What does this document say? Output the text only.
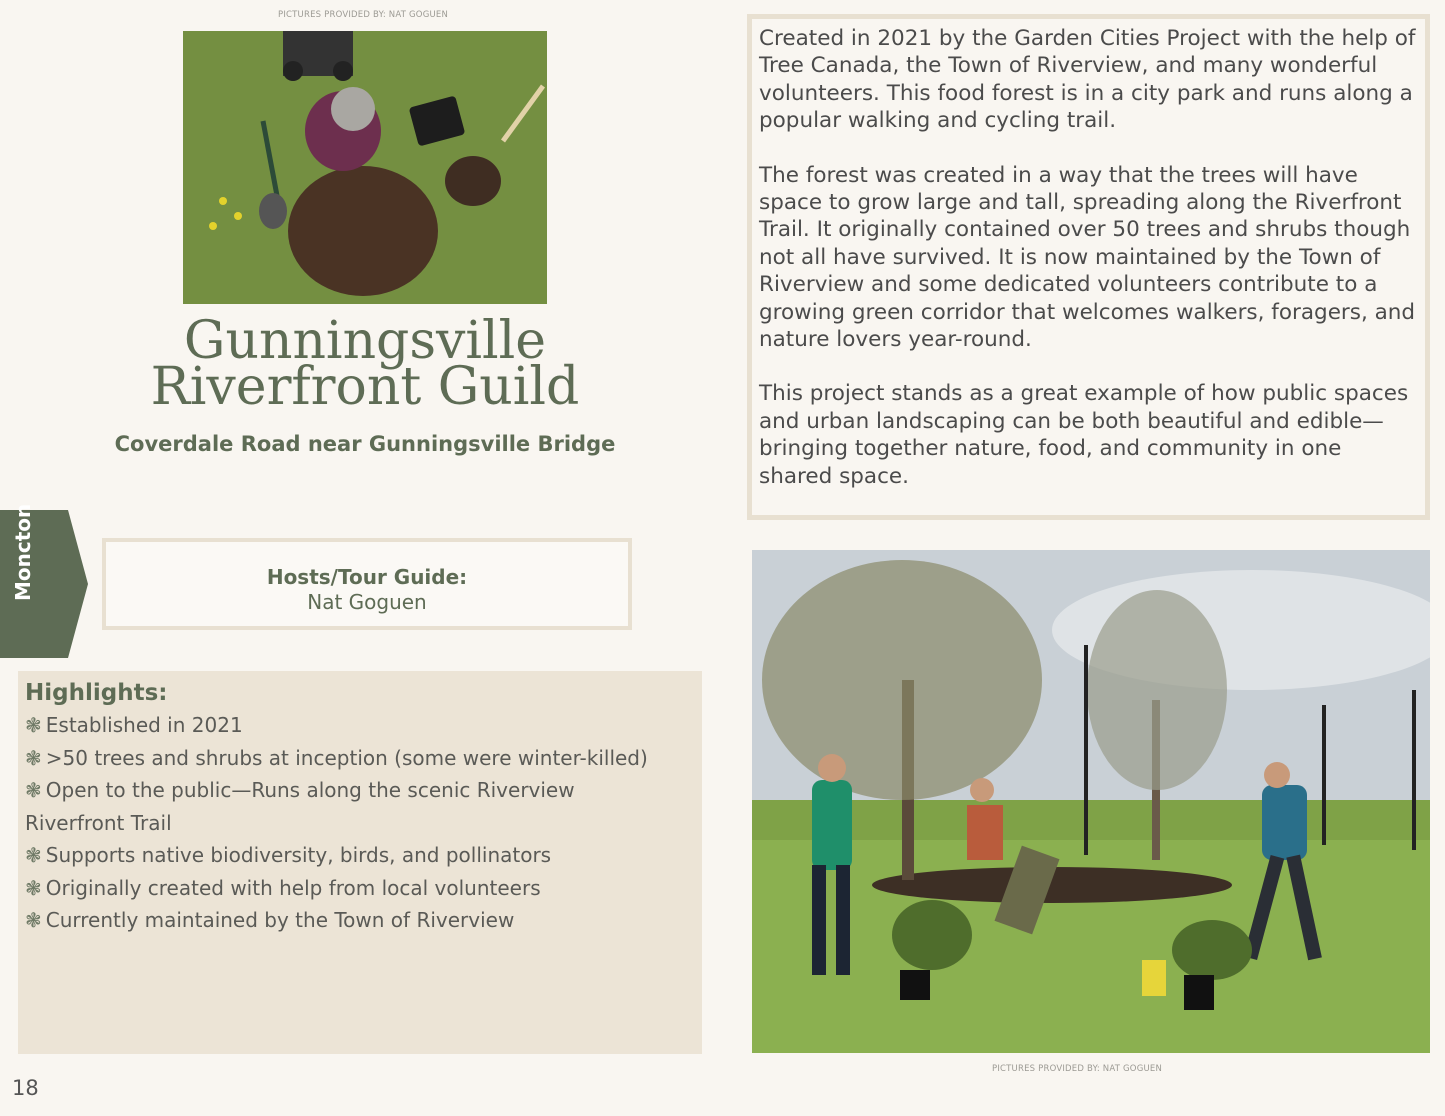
PICTURES PROVIDED BY: NAT GOGUEN
Gunningsville
Riverfront Guild
Coverdale Road near Gunningsville Bridge
Hosts/Tour Guide:
Nat Goguen
Highlights:
❃ Established in 2021
❃ >50 trees and shrubs at inception (some were winter-killed)
❃ Open to the public—Runs along the scenic Riverview Riverfront Trail
❃ Supports native biodiversity, birds, and pollinators
❃ Originally created with help from local volunteers
❃ Currently maintained by the Town of Riverview

Created in 2021 by the Garden Cities Project with the help of Tree Canada, the Town of Riverview, and many wonderful volunteers. This food forest is in a city park and runs along a popular walking and cycling trail.

The forest was created in a way that the trees will have space to grow large and tall, spreading along the Riverfront Trail. It originally contained over 50 trees and shrubs though not all have survived. It is now maintained by the Town of Riverview and some dedicated volunteers contribute to a growing green corridor that welcomes walkers, foragers, and nature lovers year-round.

This project stands as a great example of how public spaces and urban landscaping can be both beautiful and edible—bringing together nature, food, and community in one shared space.

PICTURES PROVIDED BY: NAT GOGUEN
18
